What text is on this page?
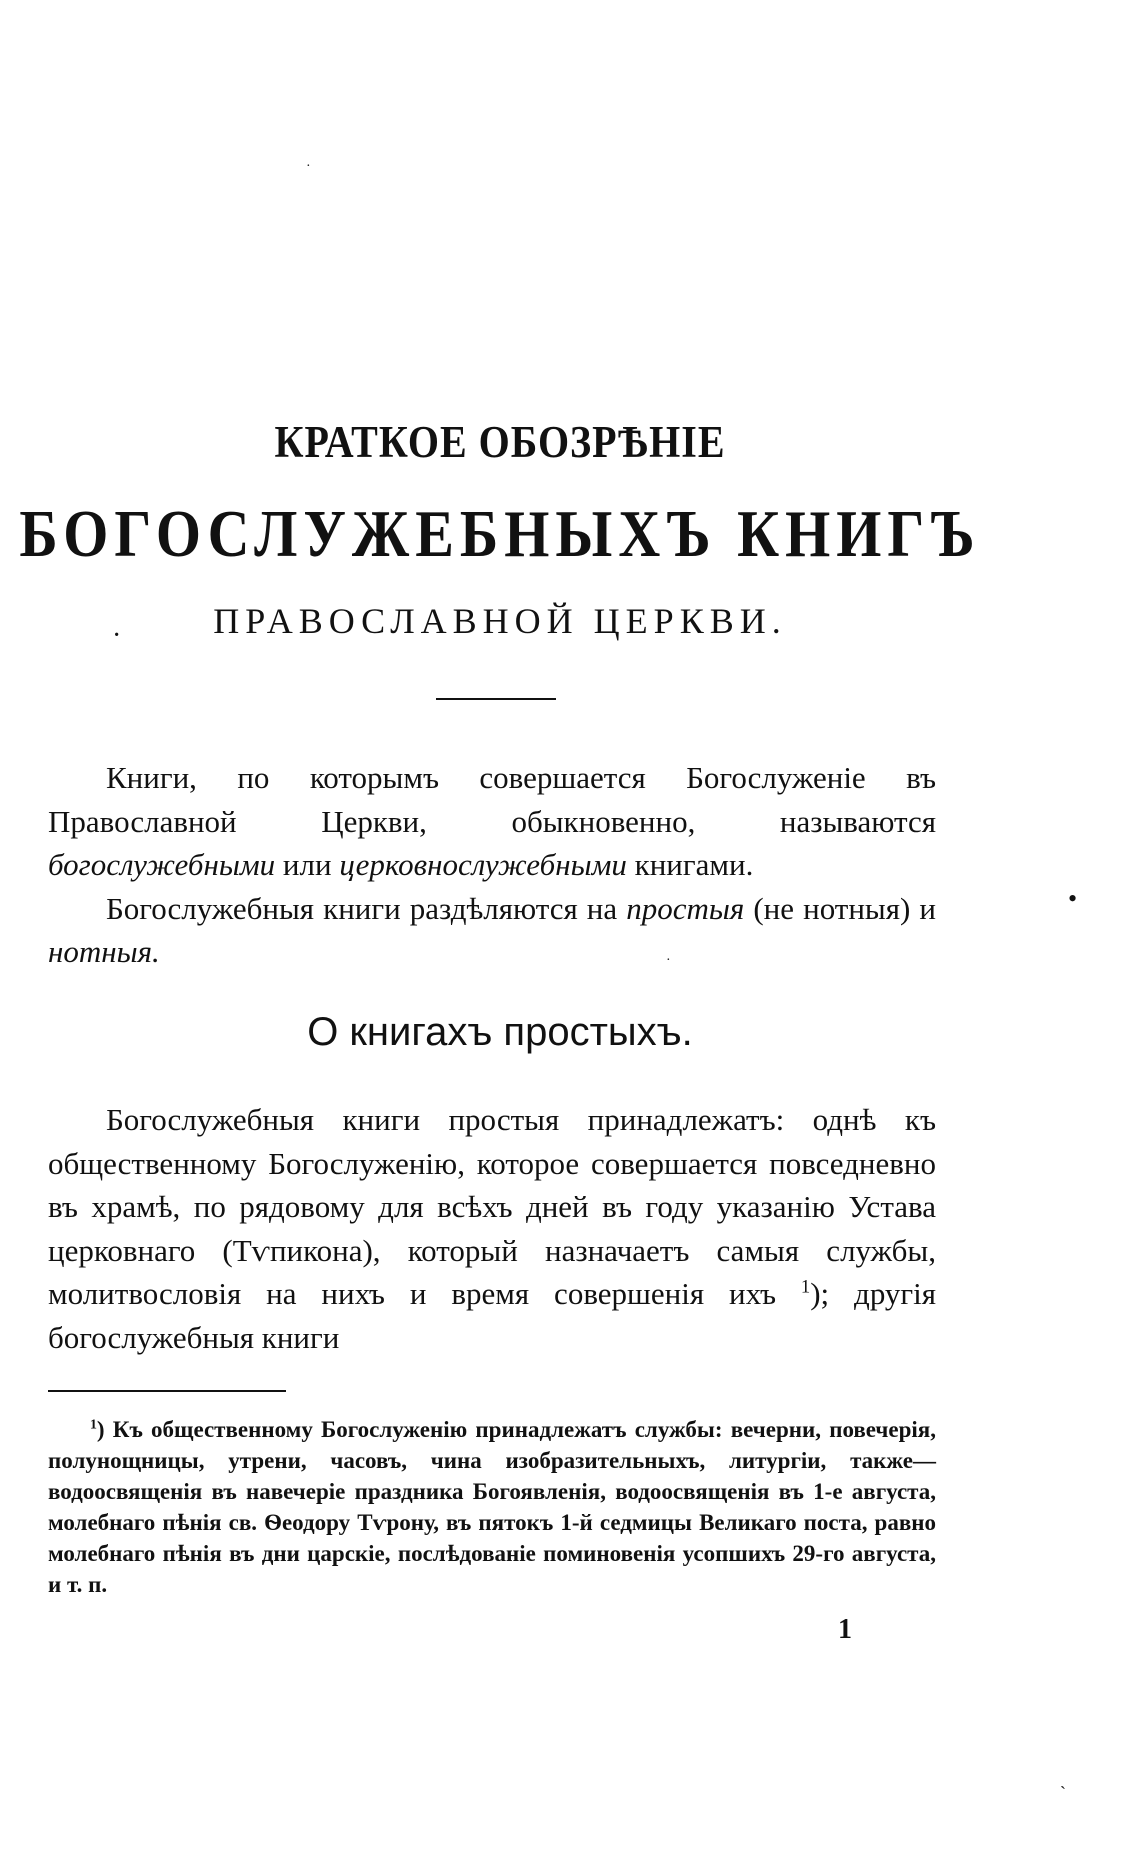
КРАТКОЕ ОБОЗРѢНІЕ
БОГОСЛУЖЕБНЫХЪ КНИГЪ
ПРАВОСЛАВНОЙ ЦЕРКВИ.
·

Книги, по которымъ совершается Богослуженіе въ Православной Церкви, обыкновенно, называются богослужебными или церковнослужебными книгами.

Богослужебныя книги раздѣляются на простыя (не нотныя) и нотныя.

О книгахъ простыхъ.

Богослужебныя книги простыя принадлежатъ: однѣ къ общественному Богослуженію, которое совершается повседневно въ храмѣ, по рядовому для всѣхъ дней въ году указанію Устава церковнаго (Тѵпикона), который назначаетъ самыя службы, молитвословія на нихъ и время совершенія ихъ $^1$); другія богослужебныя книги

$^1$) Къ общественному Богослуженію принадлежатъ службы: вечерни, повечерія, полунощницы, утрени, часовъ, чина изобразительныхъ, литургіи, также—водоосвященія въ навечеріе праздника Богоявленія, водоосвященія въ 1-е августа, молебнаго пѣнія св. Ѳеодору Тѵрону, въ пятокъ 1-й седмицы Великаго поста, равно молебнаго пѣнія въ дни царскіе, послѣдованіе поминовенія усопшихъ 29-го августа, и т. п.

1
·
•
·
ˏ
